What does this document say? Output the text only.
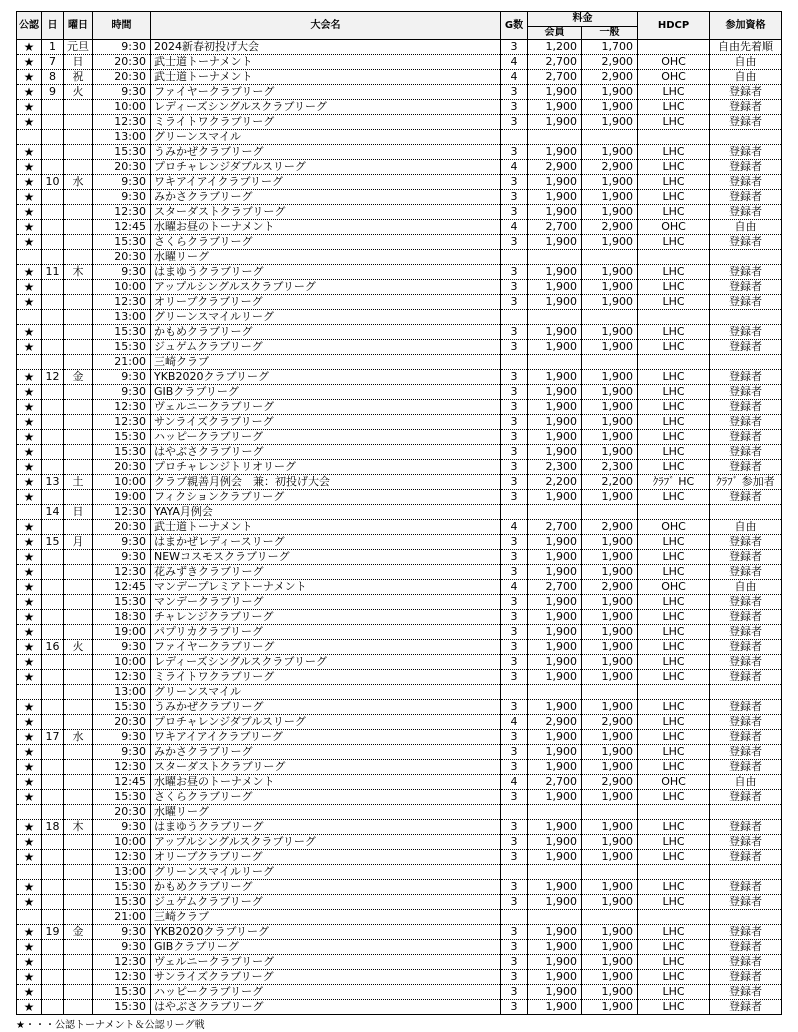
公認	日	曜日	時間	大会名	G数	料金		HDCP	参加資格
						会員	一般		
★	1	元旦	9:30	2024新春初投げ大会	3	1,200	1,700		自由先着順
★	7	日	20:30	武士道トーナメント	4	2,700	2,900	OHC	自由
★	8	祝	20:30	武士道トーナメント	4	2,700	2,900	OHC	自由
★	9	火	9:30	ファイヤークラブリーグ	3	1,900	1,900	LHC	登録者
★			10:00	レディーズシングルスクラブリーグ	3	1,900	1,900	LHC	登録者
★			12:30	ミライトワクラブリーグ	3	1,900	1,900	LHC	登録者
			13:00	グリーンスマイル					
★			15:30	うみかぜクラブリーグ	3	1,900	1,900	LHC	登録者
★			20:30	プロチャレンジダブルスリーグ	4	2,900	2,900	LHC	登録者
★	10	水	9:30	ワキアイアイクラブリーグ	3	1,900	1,900	LHC	登録者
★			9:30	みかさクラブリーグ	3	1,900	1,900	LHC	登録者
★			12:30	スターダストクラブリーグ	3	1,900	1,900	LHC	登録者
★			12:45	水曜お昼のトーナメント	4	2,700	2,900	OHC	自由
★			15:30	さくらクラブリーグ	3	1,900	1,900	LHC	登録者
			20:30	水曜リーグ					
★	11	木	9:30	はまゆうクラブリーグ	3	1,900	1,900	LHC	登録者
★			10:00	アップルシングルスクラブリーグ	3	1,900	1,900	LHC	登録者
★			12:30	オリーブクラブリーグ	3	1,900	1,900	LHC	登録者
			13:00	グリーンスマイルリーグ					
★			15:30	かもめクラブリーグ	3	1,900	1,900	LHC	登録者
★			15:30	ジュゲムクラブリーグ	3	1,900	1,900	LHC	登録者
			21:00	三崎クラブ					
★	12	金	9:30	YKB2020クラブリーグ	3	1,900	1,900	LHC	登録者
★			9:30	GIBクラブリーグ	3	1,900	1,900	LHC	登録者
★			12:30	ヴェルニークラブリーグ	3	1,900	1,900	LHC	登録者
★			12:30	サンライズクラブリーグ	3	1,900	1,900	LHC	登録者
★			15:30	ハッピークラブリーグ	3	1,900	1,900	LHC	登録者
★			15:30	はやぶさクラブリーグ	3	1,900	1,900	LHC	登録者
★			20:30	プロチャレンジトリオリーグ	3	2,300	2,300	LHC	登録者
★	13	土	10:00	クラブ親善月例会　兼：初投げ大会	3	2,200	2,200	ｸﾗﾌﾞ HC	ｸﾗﾌﾞ 参加者
★			19:00	フィクションクラブリーグ	3	1,900	1,900	LHC	登録者
	14	日	12:30	YAYA月例会					
★			20:30	武士道トーナメント	4	2,700	2,900	OHC	自由
★	15	月	9:30	はまかぜレディースリーグ	3	1,900	1,900	LHC	登録者
★			9:30	NEWコスモスクラブリーグ	3	1,900	1,900	LHC	登録者
★			12:30	花みずきクラブリーグ	3	1,900	1,900	LHC	登録者
★			12:45	マンデープレミアトーナメント	4	2,700	2,900	OHC	自由
★			15:30	マンデークラブリーグ	3	1,900	1,900	LHC	登録者
★			18:30	チャレンジクラブリーグ	3	1,900	1,900	LHC	登録者
★			19:00	パプリカクラブリーグ	3	1,900	1,900	LHC	登録者
★	16	火	9:30	ファイヤークラブリーグ	3	1,900	1,900	LHC	登録者
★			10:00	レディーズシングルスクラブリーグ	3	1,900	1,900	LHC	登録者
★			12:30	ミライトワクラブリーグ	3	1,900	1,900	LHC	登録者
			13:00	グリーンスマイル					
★			15:30	うみかぜクラブリーグ	3	1,900	1,900	LHC	登録者
★			20:30	プロチャレンジダブルスリーグ	4	2,900	2,900	LHC	登録者
★	17	水	9:30	ワキアイアイクラブリーグ	3	1,900	1,900	LHC	登録者
★			9:30	みかさクラブリーグ	3	1,900	1,900	LHC	登録者
★			12:30	スターダストクラブリーグ	3	1,900	1,900	LHC	登録者
★			12:45	水曜お昼のトーナメント	4	2,700	2,900	OHC	自由
★			15:30	さくらクラブリーグ	3	1,900	1,900	LHC	登録者
			20:30	水曜リーグ					
★	18	木	9:30	はまゆうクラブリーグ	3	1,900	1,900	LHC	登録者
★			10:00	アップルシングルスクラブリーグ	3	1,900	1,900	LHC	登録者
★			12:30	オリーブクラブリーグ	3	1,900	1,900	LHC	登録者
			13:00	グリーンスマイルリーグ					
★			15:30	かもめクラブリーグ	3	1,900	1,900	LHC	登録者
★			15:30	ジュゲムクラブリーグ	3	1,900	1,900	LHC	登録者
			21:00	三崎クラブ					
★	19	金	9:30	YKB2020クラブリーグ	3	1,900	1,900	LHC	登録者
★			9:30	GIBクラブリーグ	3	1,900	1,900	LHC	登録者
★			12:30	ヴェルニークラブリーグ	3	1,900	1,900	LHC	登録者
★			12:30	サンライズクラブリーグ	3	1,900	1,900	LHC	登録者
★			15:30	ハッピークラブリーグ	3	1,900	1,900	LHC	登録者
★			15:30	はやぶさクラブリーグ	3	1,900	1,900	LHC	登録者
★・・・公認トーナメント＆公認リーグ戦
